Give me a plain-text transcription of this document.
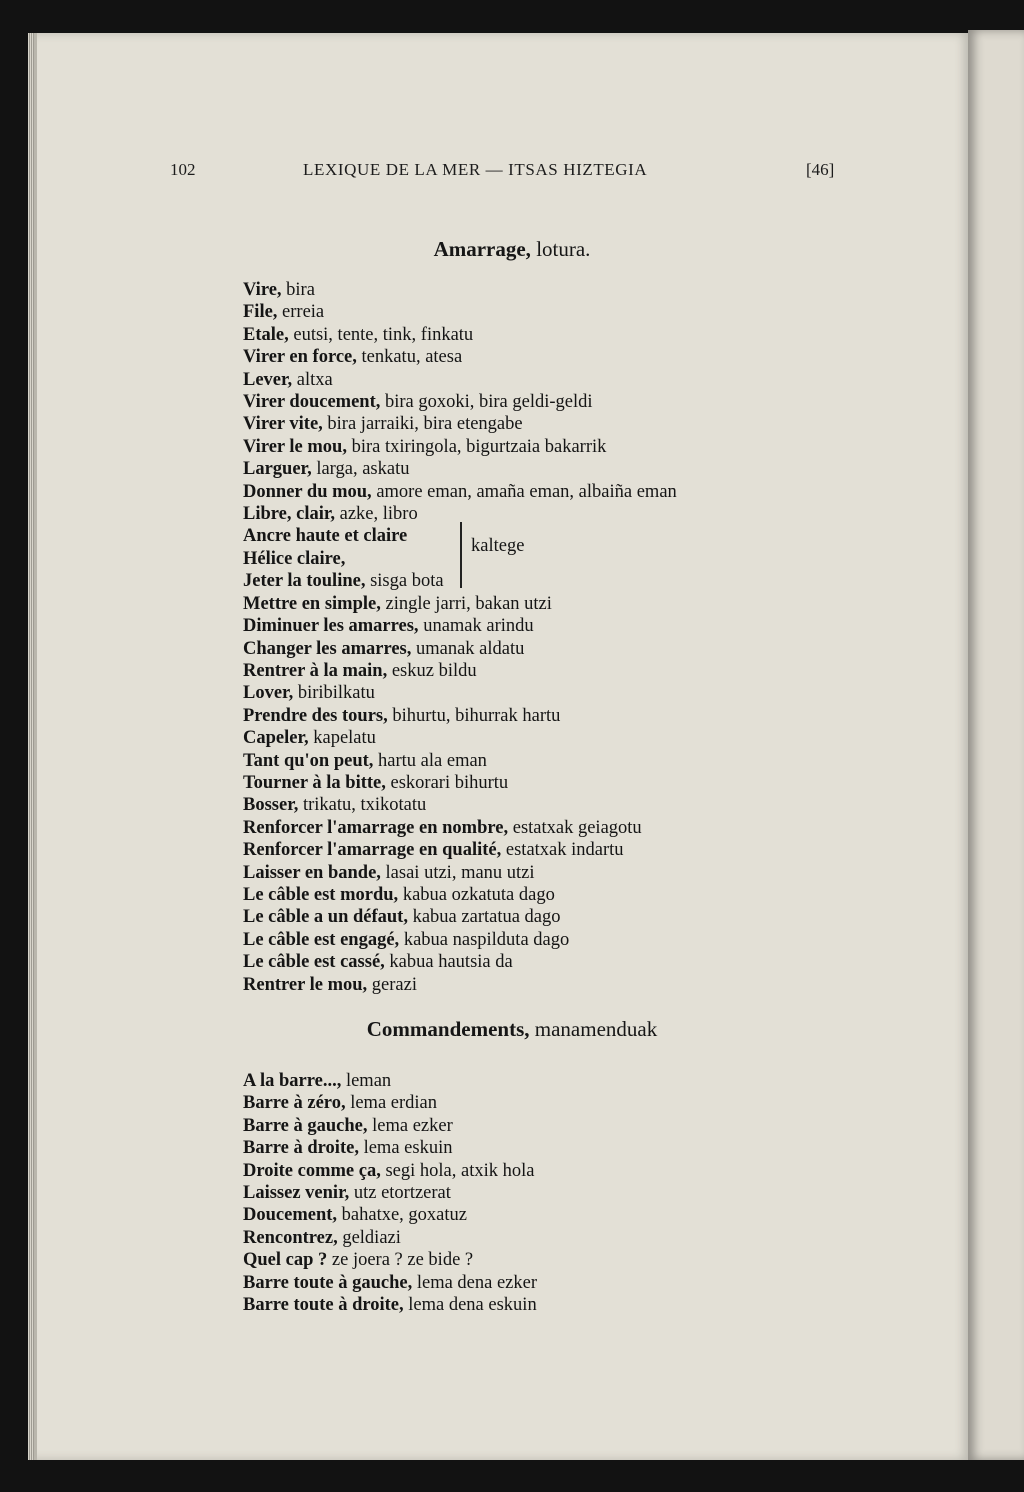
102	LEXIQUE DE LA MER — ITSAS HIZTEGIA	[46]
Amarrage, lotura.
Vire, bira
File, erreia
Etale, eutsi, tente, tink, finkatu
Virer en force, tenkatu, atesa
Lever, altxa
Virer doucement, bira goxoki, bira geldi-geldi
Virer vite, bira jarraiki, bira etengabe
Virer le mou, bira txiringola, bigurtzaia bakarrik
Larguer, larga, askatu
Donner du mou, amore eman, amaña eman, albaiña eman
Libre, clair, azke, libro
Ancre haute et claire
Hélice claire,
Jeter la touline, sisga bota
Mettre en simple, zingle jarri, bakan utzi
Diminuer les amarres, unamak arindu
Changer les amarres, umanak aldatu
Rentrer à la main, eskuz bildu
Lover, biribilkatu
Prendre des tours, bihurtu, bihurrak hartu
Capeler, kapelatu
Tant qu'on peut, hartu ala eman
Tourner à la bitte, eskorari bihurtu
Bosser, trikatu, txikotatu
Renforcer l'amarrage en nombre, estatxak geiagotu
Renforcer l'amarrage en qualité, estatxak indartu
Laisser en bande, lasai utzi, manu utzi
Le câble est mordu, kabua ozkatuta dago
Le câble a un défaut, kabua zartatua dago
Le câble est engagé, kabua naspilduta dago
Le câble est cassé, kabua hautsia da
Rentrer le mou, gerazi
kaltege
Commandements, manamenduak
A la barre..., leman
Barre à zéro, lema erdian
Barre à gauche, lema ezker
Barre à droite, lema eskuin
Droite comme ça, segi hola, atxik hola
Laissez venir, utz etortzerat
Doucement, bahatxe, goxatuz
Rencontrez, geldiazi
Quel cap ? ze joera ? ze bide ?
Barre toute à gauche, lema dena ezker
Barre toute à droite, lema dena eskuin
